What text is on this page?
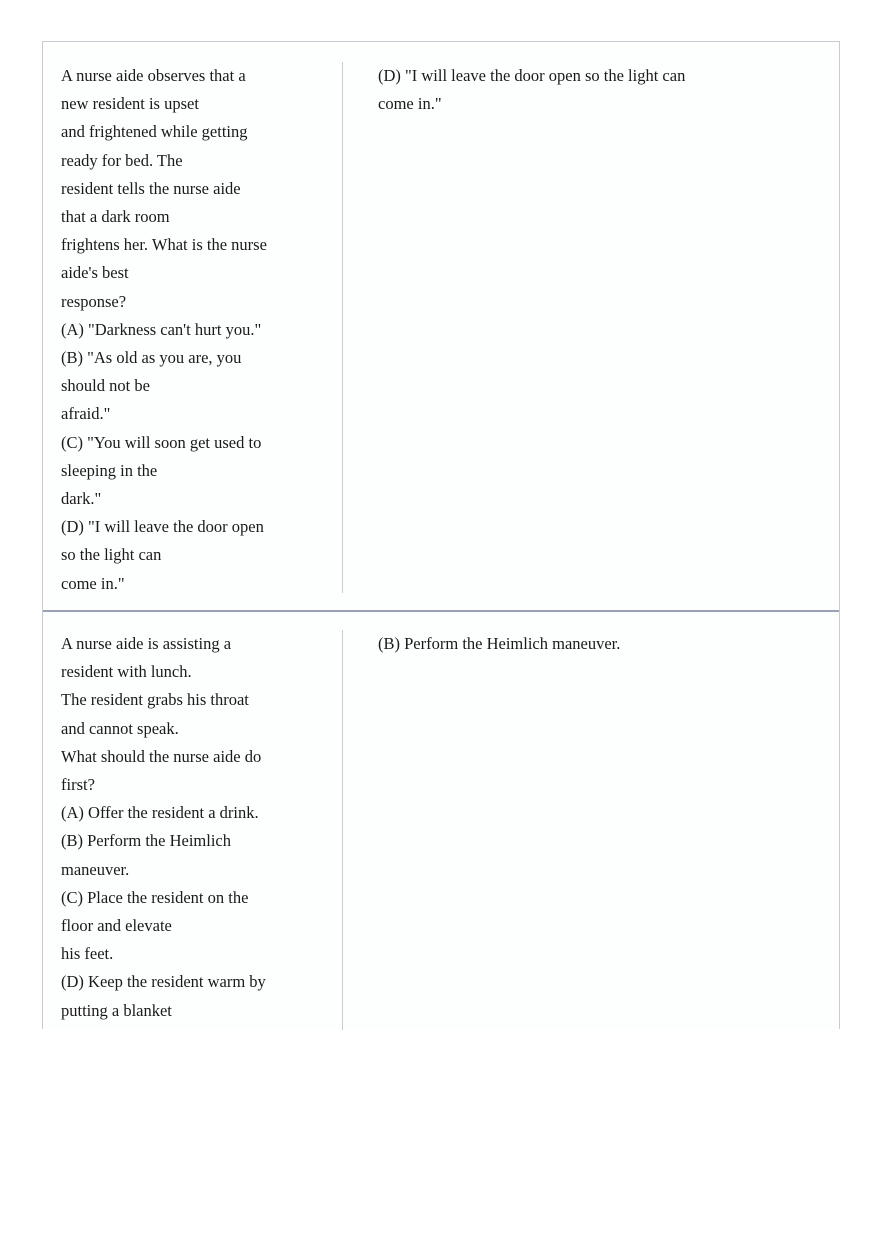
A nurse aide observes that a
new resident is upset
and frightened while getting
ready for bed. The
resident tells the nurse aide
that a dark room
frightens her. What is the nurse
aide's best
response?
(A) "Darkness can't hurt you."
(B) "As old as you are, you
should not be
afraid."
(C) "You will soon get used to
sleeping in the
dark."
(D) "I will leave the door open
so the light can
come in."
(D) "I will leave the door open so the light can
come in."
A nurse aide is assisting a
resident with lunch.
The resident grabs his throat
and cannot speak.
What should the nurse aide do
first?
(A) Offer the resident a drink.
(B) Perform the Heimlich
maneuver.
(C) Place the resident on the
floor and elevate
his feet.
(D) Keep the resident warm by
putting a blanket
(B) Perform the Heimlich maneuver.
